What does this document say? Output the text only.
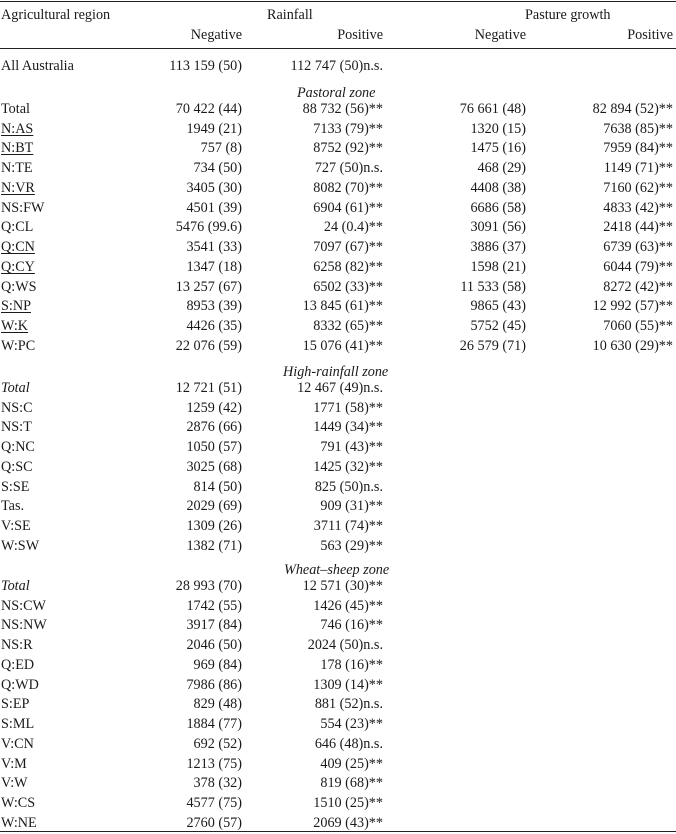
Agricultural region	Rainfall	Pasture growth
Negative	Positive	Negative	Positive
All Australia	113 159 (50)	112 747 (50)n.s.
Pastoral zone
Total	70 422 (44)	88 732 (56)**	76 661 (48)	82 894 (52)**
N:AS	1949 (21)	7133 (79)**	1320 (15)	7638 (85)**
N:BT	757 (8)	8752 (92)**	1475 (16)	7959 (84)**
N:TE	734 (50)	727 (50)n.s.	468 (29)	1149 (71)**
N:VR	3405 (30)	8082 (70)**	4408 (38)	7160 (62)**
NS:FW	4501 (39)	6904 (61)**	6686 (58)	4833 (42)**
Q:CL	5476 (99.6)	24 (0.4)**	3091 (56)	2418 (44)**
Q:CN	3541 (33)	7097 (67)**	3886 (37)	6739 (63)**
Q:CY	1347 (18)	6258 (82)**	1598 (21)	6044 (79)**
Q:WS	13 257 (67)	6502 (33)**	11 533 (58)	8272 (42)**
S:NP	8953 (39)	13 845 (61)**	9865 (43)	12 992 (57)**
W:K	4426 (35)	8332 (65)**	5752 (45)	7060 (55)**
W:PC	22 076 (59)	15 076 (41)**	26 579 (71)	10 630 (29)**
High-rainfall zone
Total	12 721 (51)	12 467 (49)n.s.
NS:C	1259 (42)	1771 (58)**
NS:T	2876 (66)	1449 (34)**
Q:NC	1050 (57)	791 (43)**
Q:SC	3025 (68)	1425 (32)**
S:SE	814 (50)	825 (50)n.s.
Tas.	2029 (69)	909 (31)**
V:SE	1309 (26)	3711 (74)**
W:SW	1382 (71)	563 (29)**
Wheat–sheep zone
Total	28 993 (70)	12 571 (30)**
NS:CW	1742 (55)	1426 (45)**
NS:NW	3917 (84)	746 (16)**
NS:R	2046 (50)	2024 (50)n.s.
Q:ED	969 (84)	178 (16)**
Q:WD	7986 (86)	1309 (14)**
S:EP	829 (48)	881 (52)n.s.
S:ML	1884 (77)	554 (23)**
V:CN	692 (52)	646 (48)n.s.
V:M	1213 (75)	409 (25)**
V:W	378 (32)	819 (68)**
W:CS	4577 (75)	1510 (25)**
W:NE	2760 (57)	2069 (43)**
